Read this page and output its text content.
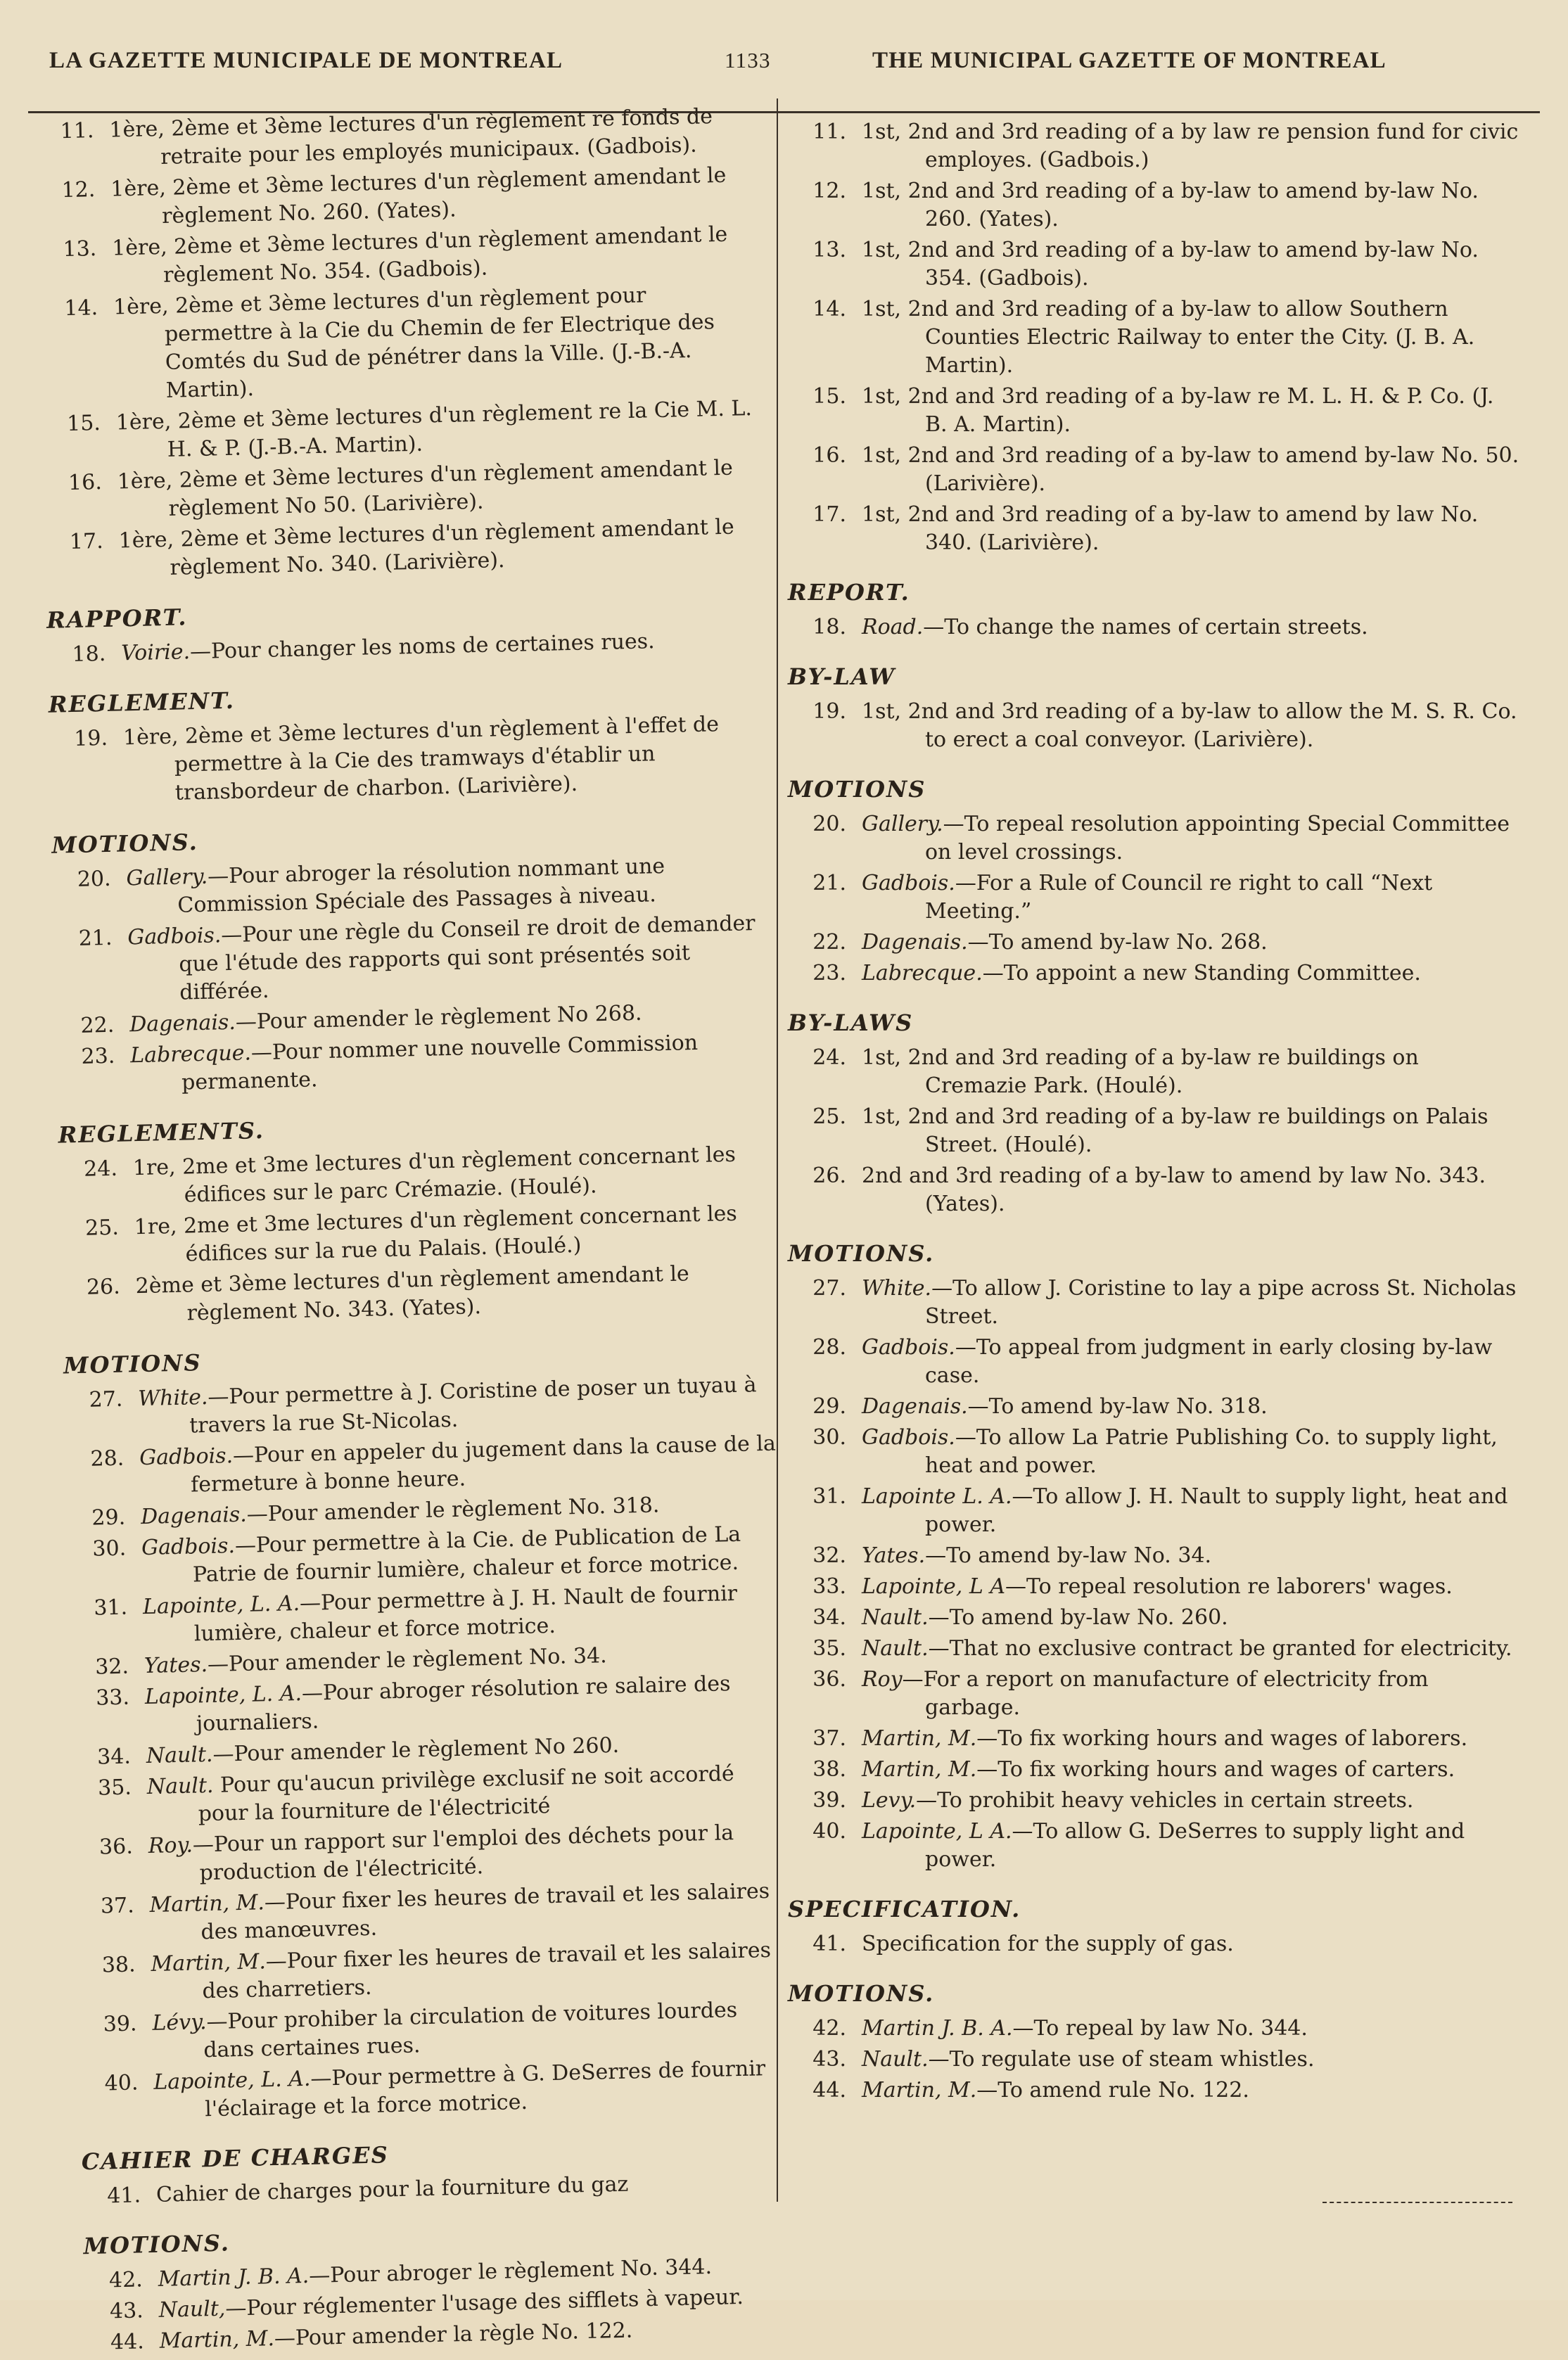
LA GAZETTE MUNICIPALE DE MONTREAL	1133	THE MUNICIPAL GAZETTE OF MONTREAL
11. 1ère, 2ème et 3ème lectures d'un règlement re fonds de retraite pour les employés municipaux. (Gadbois).
12. 1ère, 2ème et 3ème lectures d'un règlement amendant le règlement No. 260. (Yates).
13. 1ère, 2ème et 3ème lectures d'un règlement amendant le règlement No. 354. (Gadbois).
14. 1ère, 2ème et 3ème lectures d'un règlement pour permettre à la Cie du Chemin de fer Electrique des Comtés du Sud de pénétrer dans la Ville. (J.-B.-A. Martin).
15. 1ère, 2ème et 3ème lectures d'un règlement re la Cie M. L. H. & P. (J.-B.-A. Martin).
16. 1ère, 2ème et 3ème lectures d'un règlement amendant le règlement No 50. (Larivière).
17. 1ère, 2ème et 3ème lectures d'un règlement amendant le règlement No. 340. (Larivière).
RAPPORT.
18. Voirie.—Pour changer les noms de certaines rues.
REGLEMENT.
19. 1ère, 2ème et 3ème lectures d'un règlement à l'effet de permettre à la Cie des tramways d'établir un transbordeur de charbon. (Larivière).
MOTIONS.
20. Gallery.—Pour abroger la résolution nommant une Commission Spéciale des Passages à niveau.
21. Gadbois.—Pour une règle du Conseil re droit de demander que l'étude des rapports qui sont présentés soit différée.
22. Dagenais.—Pour amender le règlement No 268.
23. Labrecque.—Pour nommer une nouvelle Commission permanente.
REGLEMENTS.
24. 1re, 2me et 3me lectures d'un règlement concernant les édifices sur le parc Crémazie. (Houlé).
25. 1re, 2me et 3me lectures d'un règlement concernant les édifices sur la rue du Palais. (Houlé.)
26. 2ème et 3ème lectures d'un règlement amendant le règlement No. 343. (Yates).
MOTIONS
27. White.—Pour permettre à J. Coristine de poser un tuyau à travers la rue St-Nicolas.
28. Gadbois.—Pour en appeler du jugement dans la cause de la fermeture à bonne heure.
29. Dagenais.—Pour amender le règlement No. 318.
30. Gadbois.—Pour permettre à la Cie. de Publication de La Patrie de fournir lumière, chaleur et force motrice.
31. Lapointe, L. A.—Pour permettre à J. H. Nault de fournir lumière, chaleur et force motrice.
32. Yates.—Pour amender le règlement No. 34.
33. Lapointe, L. A.—Pour abroger résolution re salaire des journaliers.
34. Nault.—Pour amender le règlement No 260.
35. Nault. Pour qu'aucun privilège exclusif ne soit accordé pour la fourniture de l'électricité
36. Roy.—Pour un rapport sur l'emploi des déchets pour la production de l'électricité.
37. Martin, M.—Pour fixer les heures de travail et les salaires des manœuvres.
38. Martin, M.—Pour fixer les heures de travail et les salaires des charretiers.
39. Lévy.—Pour prohiber la circulation de voitures lourdes dans certaines rues.
40. Lapointe, L. A.—Pour permettre à G. DeSerres de fournir l'éclairage et la force motrice.
CAHIER DE CHARGES
41. Cahier de charges pour la fourniture du gaz
MOTIONS.
42. Martin J. B. A.—Pour abroger le règlement No. 344.
43. Nault,—Pour réglementer l'usage des sifflets à vapeur.
44. Martin, M.—Pour amender la règle No. 122.
11. 1st, 2nd and 3rd reading of a by law re pension fund for civic employes. (Gadbois.)
12. 1st, 2nd and 3rd reading of a by-law to amend by-law No. 260. (Yates).
13. 1st, 2nd and 3rd reading of a by-law to amend by-law No. 354. (Gadbois).
14. 1st, 2nd and 3rd reading of a by-law to allow Southern Counties Electric Railway to enter the City. (J. B. A. Martin).
15. 1st, 2nd and 3rd reading of a by-law re M. L. H. & P. Co. (J. B. A. Martin).
16. 1st, 2nd and 3rd reading of a by-law to amend by-law No. 50. (Larivière).
17. 1st, 2nd and 3rd reading of a by-law to amend by law No. 340. (Larivière).
REPORT.
18. Road.—To change the names of certain streets.
BY-LAW
19. 1st, 2nd and 3rd reading of a by-law to allow the M. S. R. Co. to erect a coal conveyor. (Larivière).
MOTIONS
20. Gallery.—To repeal resolution appointing Special Committee on level crossings.
21. Gadbois.—For a Rule of Council re right to call “Next Meeting.”
22. Dagenais.—To amend by-law No. 268.
23. Labrecque.—To appoint a new Standing Committee.
BY-LAWS
24. 1st, 2nd and 3rd reading of a by-law re buildings on Cremazie Park. (Houlé).
25. 1st, 2nd and 3rd reading of a by-law re buildings on Palais Street. (Houlé).
26. 2nd and 3rd reading of a by-law to amend by law No. 343. (Yates).
MOTIONS.
27. White.—To allow J. Coristine to lay a pipe across St. Nicholas Street.
28. Gadbois.—To appeal from judgment in early closing by-law case.
29. Dagenais.—To amend by-law No. 318.
30. Gadbois.—To allow La Patrie Publishing Co. to supply light, heat and power.
31. Lapointe L. A.—To allow J. H. Nault to supply light, heat and power.
32. Yates.—To amend by-law No. 34.
33. Lapointe, L A—To repeal resolution re laborers' wages.
34. Nault.—To amend by-law No. 260.
35. Nault.—That no exclusive contract be granted for electricity.
36. Roy—For a report on manufacture of electricity from garbage.
37. Martin, M.—To fix working hours and wages of laborers.
38. Martin, M.—To fix working hours and wages of carters.
39. Levy.—To prohibit heavy vehicles in certain streets.
40. Lapointe, L A.—To allow G. DeSerres to supply light and power.
SPECIFICATION.
41. Specification for the supply of gas.
MOTIONS.
42. Martin J. B. A.—To repeal by law No. 344.
43. Nault.—To regulate use of steam whistles.
44. Martin, M.—To amend rule No. 122.
